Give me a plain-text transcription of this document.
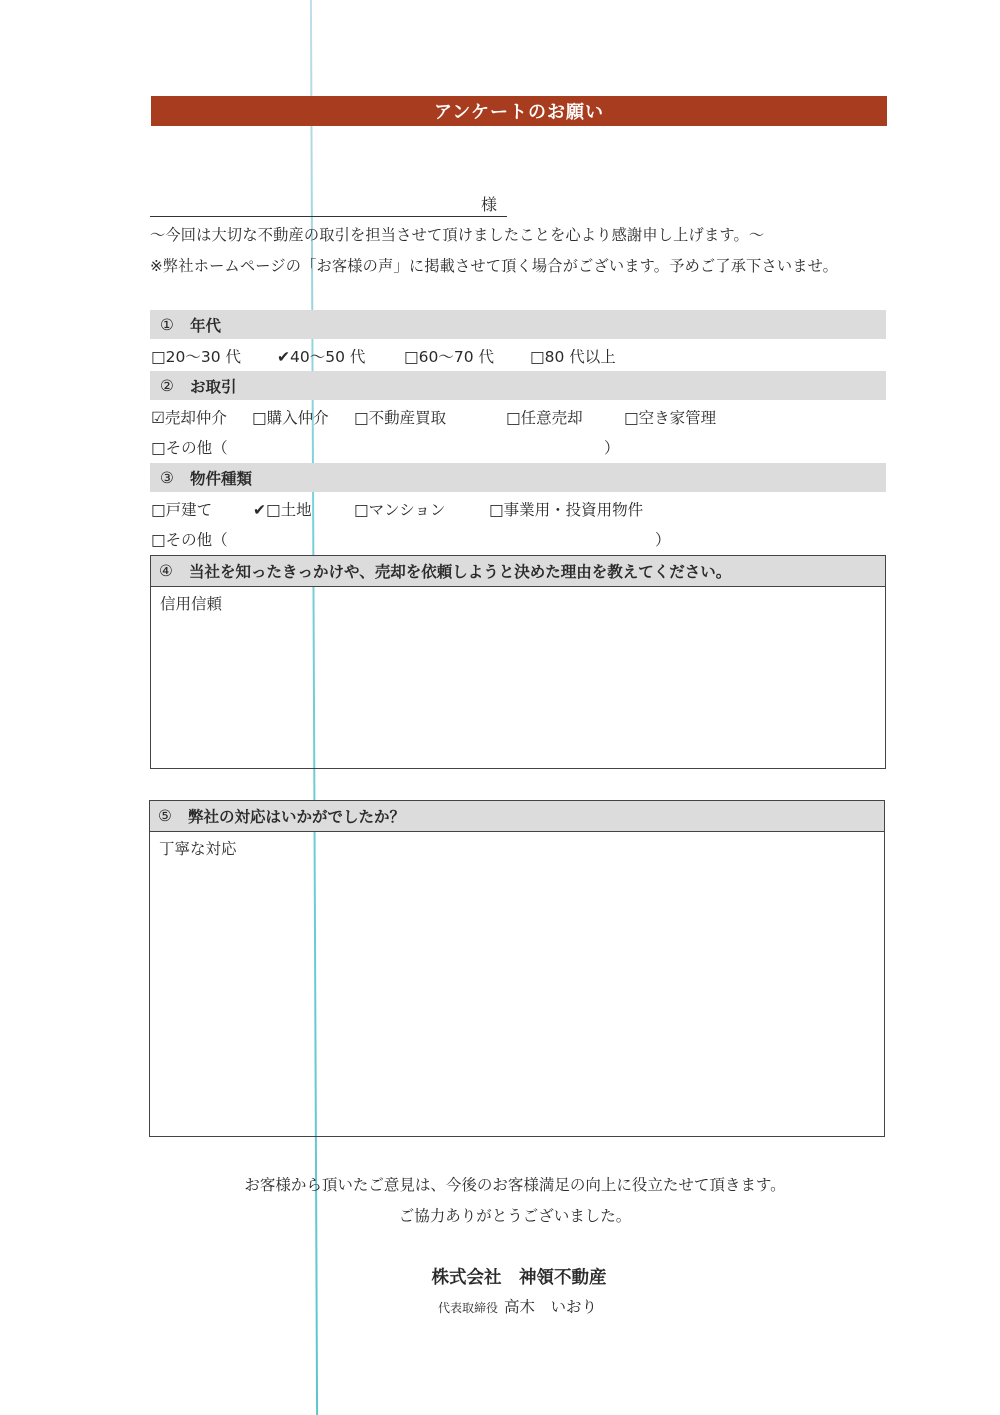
アンケートのお願い
様
～今回は大切な不動産の取引を担当させて頂けましたことを心より感謝申し上げます。～
※弊社ホームページの「お客様の声」に掲載させて頂く場合がございます。予めご了承下さいませ。
①	年代
□20～30 代 ✔40～50 代 □60～70 代 □80 代以上
②	お取引
☑売却仲介 □購入仲介 □不動産買取	□任意売却	□空き家管理
□その他（	）
③	物件種類
□戸建て	✔□土地	□マンション	□事業用・投資用物件
□その他（	）
④	当社を知ったきっかけや、売却を依頼しようと決めた理由を教えてください。
信用信頼
⑤	弊社の対応はいかがでしたか？
丁寧な対応
お客様から頂いたご意見は、今後のお客様満足の向上に役立たせて頂きます。
ご協力ありがとうございました。
株式会社　神領不動産
代表取締役 高木　いおり
